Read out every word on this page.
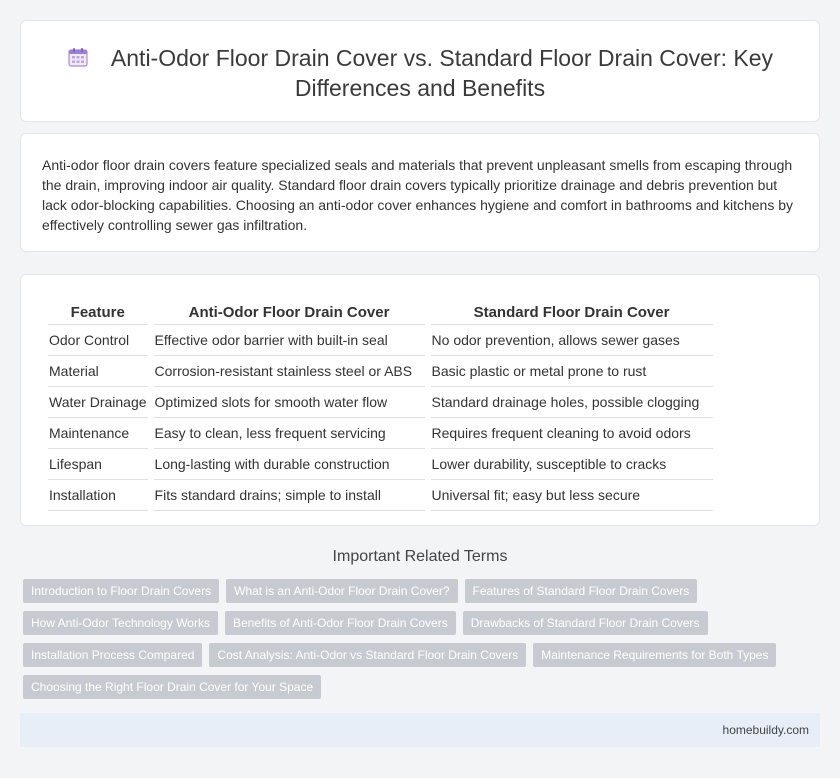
Anti-Odor Floor Drain Cover vs. Standard Floor Drain Cover: Key Differences and Benefits

Anti-odor floor drain covers feature specialized seals and materials that prevent unpleasant smells from escaping through the drain, improving indoor air quality. Standard floor drain covers typically prioritize drainage and debris prevention but lack odor-blocking capabilities. Choosing an anti-odor cover enhances hygiene and comfort in bathrooms and kitchens by effectively controlling sewer gas infiltration.

Feature	Anti-Odor Floor Drain Cover	Standard Floor Drain Cover
Odor Control	Effective odor barrier with built-in seal	No odor prevention, allows sewer gases
Material	Corrosion-resistant stainless steel or ABS	Basic plastic or metal prone to rust
Water Drainage	Optimized slots for smooth water flow	Standard drainage holes, possible clogging
Maintenance	Easy to clean, less frequent servicing	Requires frequent cleaning to avoid odors
Lifespan	Long-lasting with durable construction	Lower durability, susceptible to cracks
Installation	Fits standard drains; simple to install	Universal fit; easy but less secure
Important Related Terms
Introduction to Floor Drain Covers	What is an Anti-Odor Floor Drain Cover?	Features of Standard Floor Drain Covers
How Anti-Odor Technology Works	Benefits of Anti-Odor Floor Drain Covers	Drawbacks of Standard Floor Drain Covers
Installation Process Compared	Cost Analysis: Anti-Odor vs Standard Floor Drain Covers	Maintenance Requirements for Both Types
Choosing the Right Floor Drain Cover for Your Space
homebuildy.com
